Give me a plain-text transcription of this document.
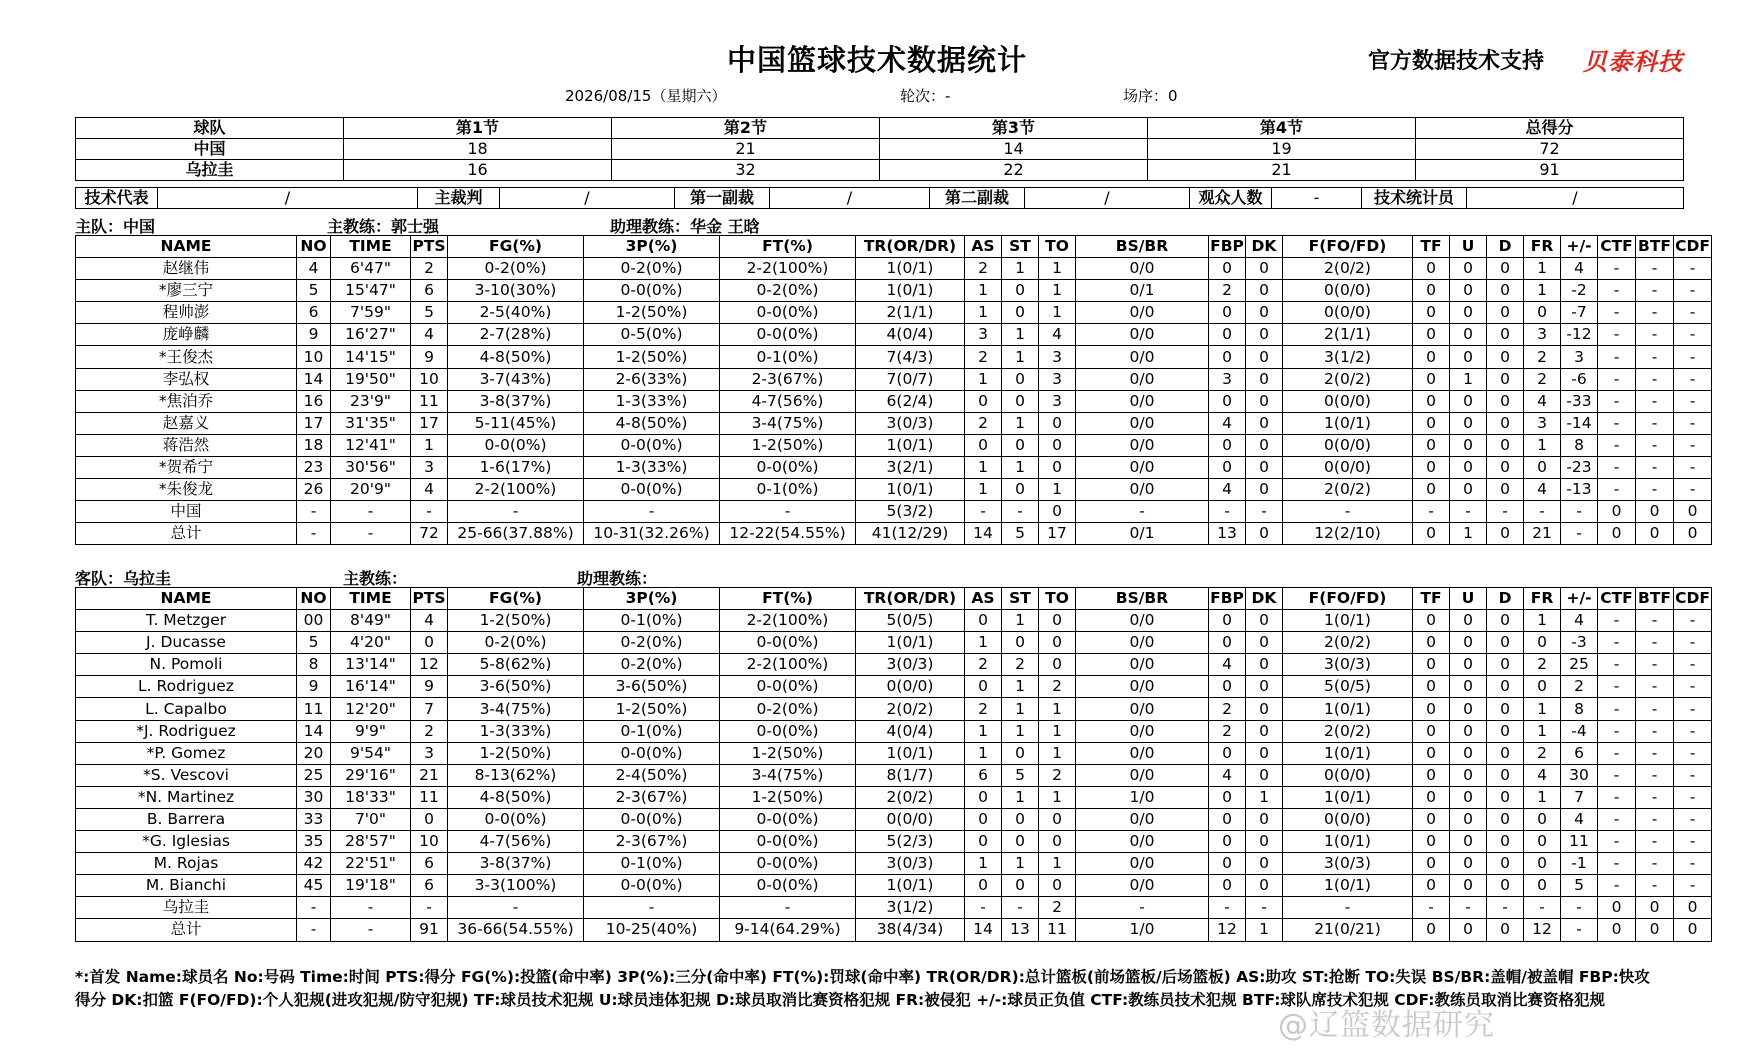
中国篮球技术数据统计	官方数据技术支持 贝泰科技
2026/08/15（星期六）	轮次：-	场序：0
球队	第1节	第2节	第3节	第4节	总得分
中国	18	21	14	19	72
乌拉圭	16	32	22	21	91
技术代表	/	主裁判	/	第一副裁	/	第二副裁	/	观众人数	-	技术统计员	/
主队：中国	主教练：郭士强	助理教练：华金 王晗
NAME	NO	TIME	PTS	FG(%)	3P(%)	FT(%)	TR(OR/DR)	AS	ST	TO	BS/BR	FBP	DK	F(FO/FD)	TF	U	D	FR	+/-	CTF	BTF	CDF
赵继伟	4	6'47"	2	0-2(0%)	0-2(0%)	2-2(100%)	1(0/1)	2	1	1	0/0	0	0	2(0/2)	0	0	0	1	4	-	-	-
*廖三宁	5	15'47"	6	3-10(30%)	0-0(0%)	0-2(0%)	1(0/1)	1	0	1	0/1	2	0	0(0/0)	0	0	0	1	-2	-	-	-
程帅澎	6	7'59"	5	2-5(40%)	1-2(50%)	0-0(0%)	2(1/1)	1	0	1	0/0	0	0	0(0/0)	0	0	0	0	-7	-	-	-
庞峥麟	9	16'27"	4	2-7(28%)	0-5(0%)	0-0(0%)	4(0/4)	3	1	4	0/0	0	0	2(1/1)	0	0	0	3	-12	-	-	-
*王俊杰	10	14'15"	9	4-8(50%)	1-2(50%)	0-1(0%)	7(4/3)	2	1	3	0/0	0	0	3(1/2)	0	0	0	2	3	-	-	-
李弘权	14	19'50"	10	3-7(43%)	2-6(33%)	2-3(67%)	7(0/7)	1	0	3	0/0	3	0	2(0/2)	0	1	0	2	-6	-	-	-
*焦泊乔	16	23'9"	11	3-8(37%)	1-3(33%)	4-7(56%)	6(2/4)	0	0	3	0/0	0	0	0(0/0)	0	0	0	4	-33	-	-	-
赵嘉义	17	31'35"	17	5-11(45%)	4-8(50%)	3-4(75%)	3(0/3)	2	1	0	0/0	4	0	1(0/1)	0	0	0	3	-14	-	-	-
蒋浩然	18	12'41"	1	0-0(0%)	0-0(0%)	1-2(50%)	1(0/1)	0	0	0	0/0	0	0	0(0/0)	0	0	0	1	8	-	-	-
*贺希宁	23	30'56"	3	1-6(17%)	1-3(33%)	0-0(0%)	3(2/1)	1	1	0	0/0	0	0	0(0/0)	0	0	0	0	-23	-	-	-
*朱俊龙	26	20'9"	4	2-2(100%)	0-0(0%)	0-1(0%)	1(0/1)	1	0	1	0/0	4	0	2(0/2)	0	0	0	4	-13	-	-	-
中国	-	-	-	-	-	-	5(3/2)	-	-	0	-	-	-	-	-	-	-	-	-	0	0	0
总计	-	-	72	25-66(37.88%)	10-31(32.26%)	12-22(54.55%)	41(12/29)	14	5	17	0/1	13	0	12(2/10)	0	1	0	21	-	0	0	0
客队：乌拉圭	主教练：	助理教练：
NAME	NO	TIME	PTS	FG(%)	3P(%)	FT(%)	TR(OR/DR)	AS	ST	TO	BS/BR	FBP	DK	F(FO/FD)	TF	U	D	FR	+/-	CTF	BTF	CDF
T. Metzger	00	8'49"	4	1-2(50%)	0-1(0%)	2-2(100%)	5(0/5)	0	1	0	0/0	0	0	1(0/1)	0	0	0	1	4	-	-	-
J. Ducasse	5	4'20"	0	0-2(0%)	0-2(0%)	0-0(0%)	1(0/1)	1	0	0	0/0	0	0	2(0/2)	0	0	0	0	-3	-	-	-
N. Pomoli	8	13'14"	12	5-8(62%)	0-2(0%)	2-2(100%)	3(0/3)	2	2	0	0/0	4	0	3(0/3)	0	0	0	2	25	-	-	-
L. Rodriguez	9	16'14"	9	3-6(50%)	3-6(50%)	0-0(0%)	0(0/0)	0	1	2	0/0	0	0	5(0/5)	0	0	0	0	2	-	-	-
L. Capalbo	11	12'20"	7	3-4(75%)	1-2(50%)	0-2(0%)	2(0/2)	2	1	1	0/0	2	0	1(0/1)	0	0	0	1	8	-	-	-
*J. Rodriguez	14	9'9"	2	1-3(33%)	0-1(0%)	0-0(0%)	4(0/4)	1	1	1	0/0	2	0	2(0/2)	0	0	0	1	-4	-	-	-
*P. Gomez	20	9'54"	3	1-2(50%)	0-0(0%)	1-2(50%)	1(0/1)	1	0	1	0/0	0	0	1(0/1)	0	0	0	2	6	-	-	-
*S. Vescovi	25	29'16"	21	8-13(62%)	2-4(50%)	3-4(75%)	8(1/7)	6	5	2	0/0	4	0	0(0/0)	0	0	0	4	30	-	-	-
*N. Martinez	30	18'33"	11	4-8(50%)	2-3(67%)	1-2(50%)	2(0/2)	0	1	1	1/0	0	1	1(0/1)	0	0	0	1	7	-	-	-
B. Barrera	33	7'0"	0	0-0(0%)	0-0(0%)	0-0(0%)	0(0/0)	0	0	0	0/0	0	0	0(0/0)	0	0	0	0	4	-	-	-
*G. Iglesias	35	28'57"	10	4-7(56%)	2-3(67%)	0-0(0%)	5(2/3)	0	0	0	0/0	0	0	1(0/1)	0	0	0	0	11	-	-	-
M. Rojas	42	22'51"	6	3-8(37%)	0-1(0%)	0-0(0%)	3(0/3)	1	1	1	0/0	0	0	3(0/3)	0	0	0	0	-1	-	-	-
M. Bianchi	45	19'18"	6	3-3(100%)	0-0(0%)	0-0(0%)	1(0/1)	0	0	0	0/0	0	0	1(0/1)	0	0	0	0	5	-	-	-
乌拉圭	-	-	-	-	-	-	3(1/2)	-	-	2	-	-	-	-	-	-	-	-	-	0	0	0
总计	-	-	91	36-66(54.55%)	10-25(40%)	9-14(64.29%)	38(4/34)	14	13	11	1/0	12	1	21(0/21)	0	0	0	12	-	0	0	0
*:首发 Name:球员名 No:号码 Time:时间 PTS:得分 FG(%):投篮(命中率) 3P(%):三分(命中率) FT(%):罚球(命中率) TR(OR/DR):总计篮板(前场篮板/后场篮板) AS:助攻 ST:抢断 TO:失误 BS/BR:盖帽/被盖帽 FBP:快攻
得分 DK:扣篮 F(FO/FD):个人犯规(进攻犯规/防守犯规) TF:球员技术犯规 U:球员违体犯规 D:球员取消比赛资格犯规 FR:被侵犯 +/-:球员正负值 CTF:教练员技术犯规 BTF:球队席技术犯规 CDF:教练员取消比赛资格犯规
@辽篮数据研究
